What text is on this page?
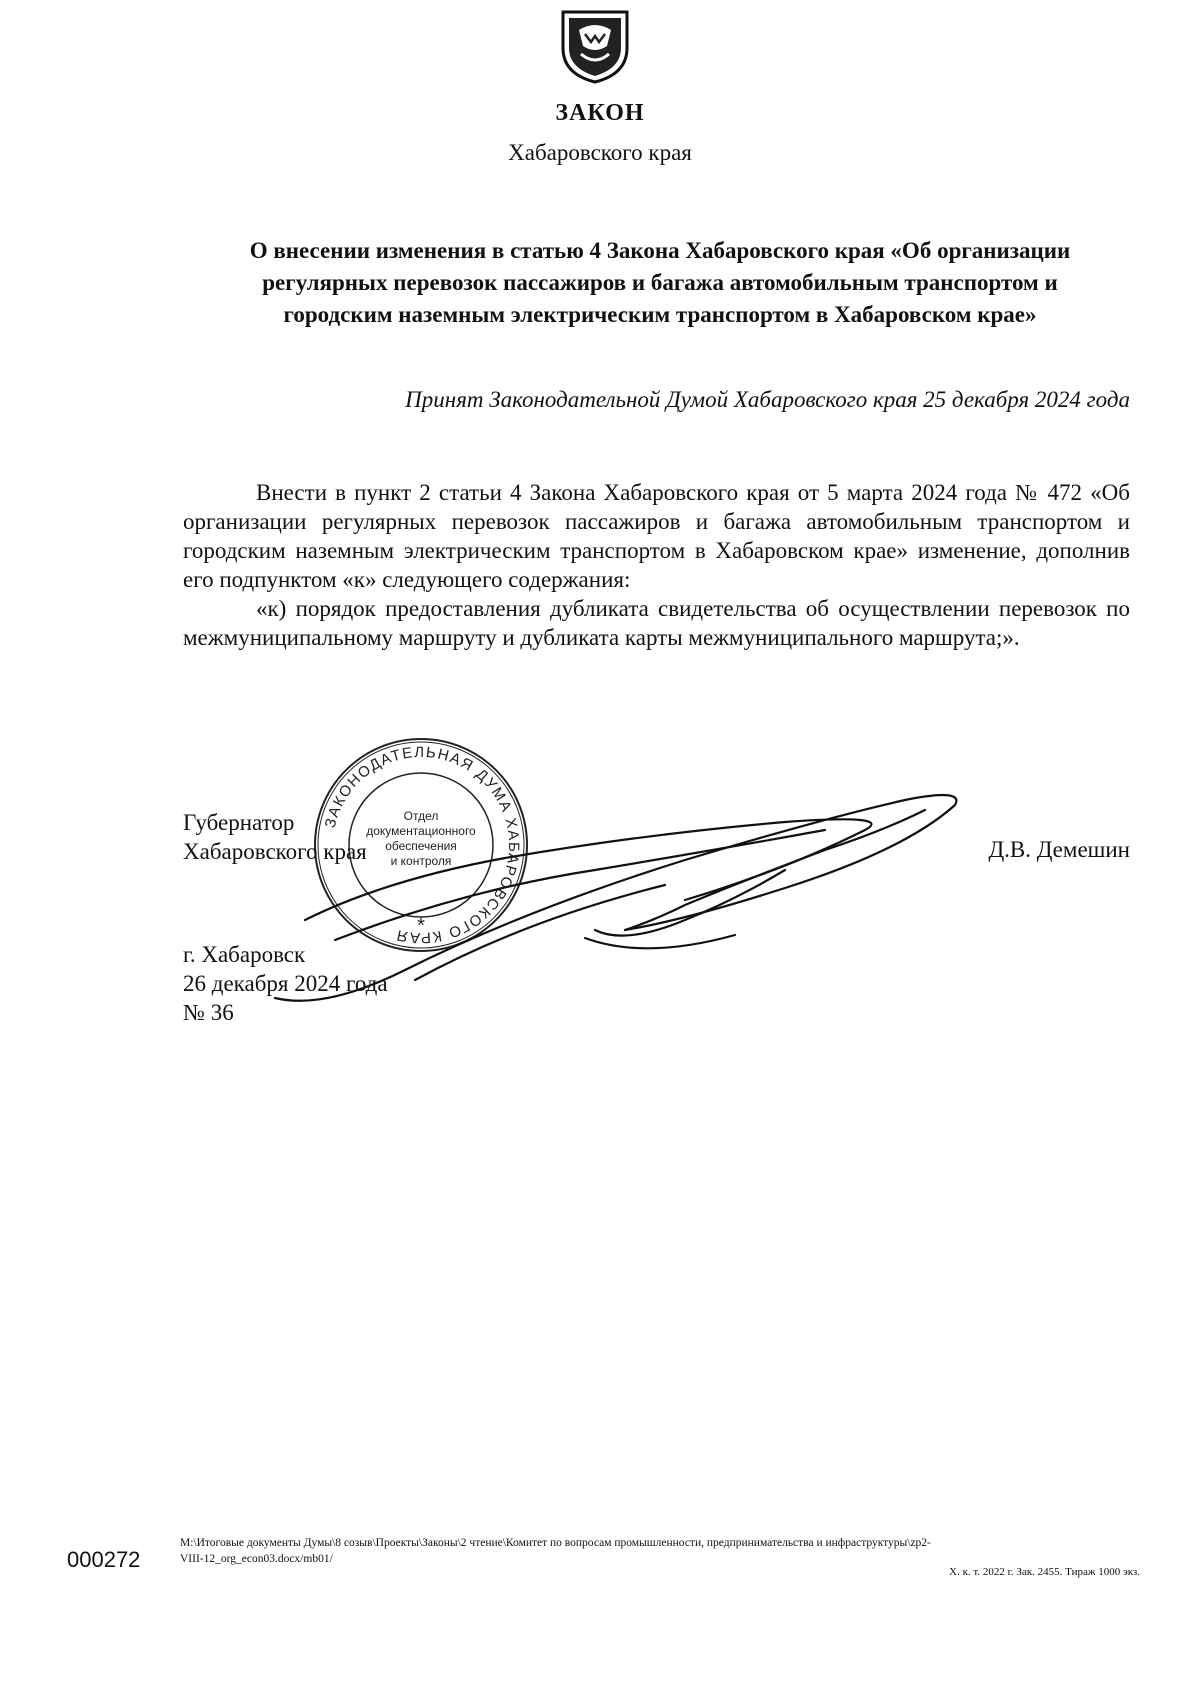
ЗАКОН
Хабаровского края
О внесении изменения в статью 4 Закона Хабаровского края «Об организации
регулярных перевозок пассажиров и багажа автомобильным транспортом и
городским наземным электрическим транспортом в Хабаровском крае»
Принят Законодательной Думой Хабаровского края 25 декабря 2024 года

Внести в пункт 2 статьи 4 Закона Хабаровского края от 5 марта 2024 года № 472 «Об организации регулярных перевозок пассажиров и багажа автомобильным транспортом и городским наземным электрическим транспортом в Хабаровском крае» изменение, дополнив его подпунктом «к» следующего содержания:

«к) порядок предоставления дубликата свидетельства об осуществлении перевозок по межмуниципальному маршруту и дубликата карты межмуниципального маршрута;».

ЗАКОНОДАТЕЛЬНАЯ ДУМА ХАБАРОВСКОГО КРАЯ
Отдел
документационного
обеспечения
и контроля
*
Губернатор
Хабаровского края	Д.В. Демешин
г. Хабаровск
26 декабря 2024 года
№ 36
000272
M:\Итоговые документы Думы\8 созыв\Проекты\Законы\2 чтение\Комитет по вопросам промышленности, предпринимательства и инфраструктуры\zp2-
VIII-12_org_econ03.docx/mb01/
Х. к. т. 2022 г. Зак. 2455. Тираж 1000 экз.
